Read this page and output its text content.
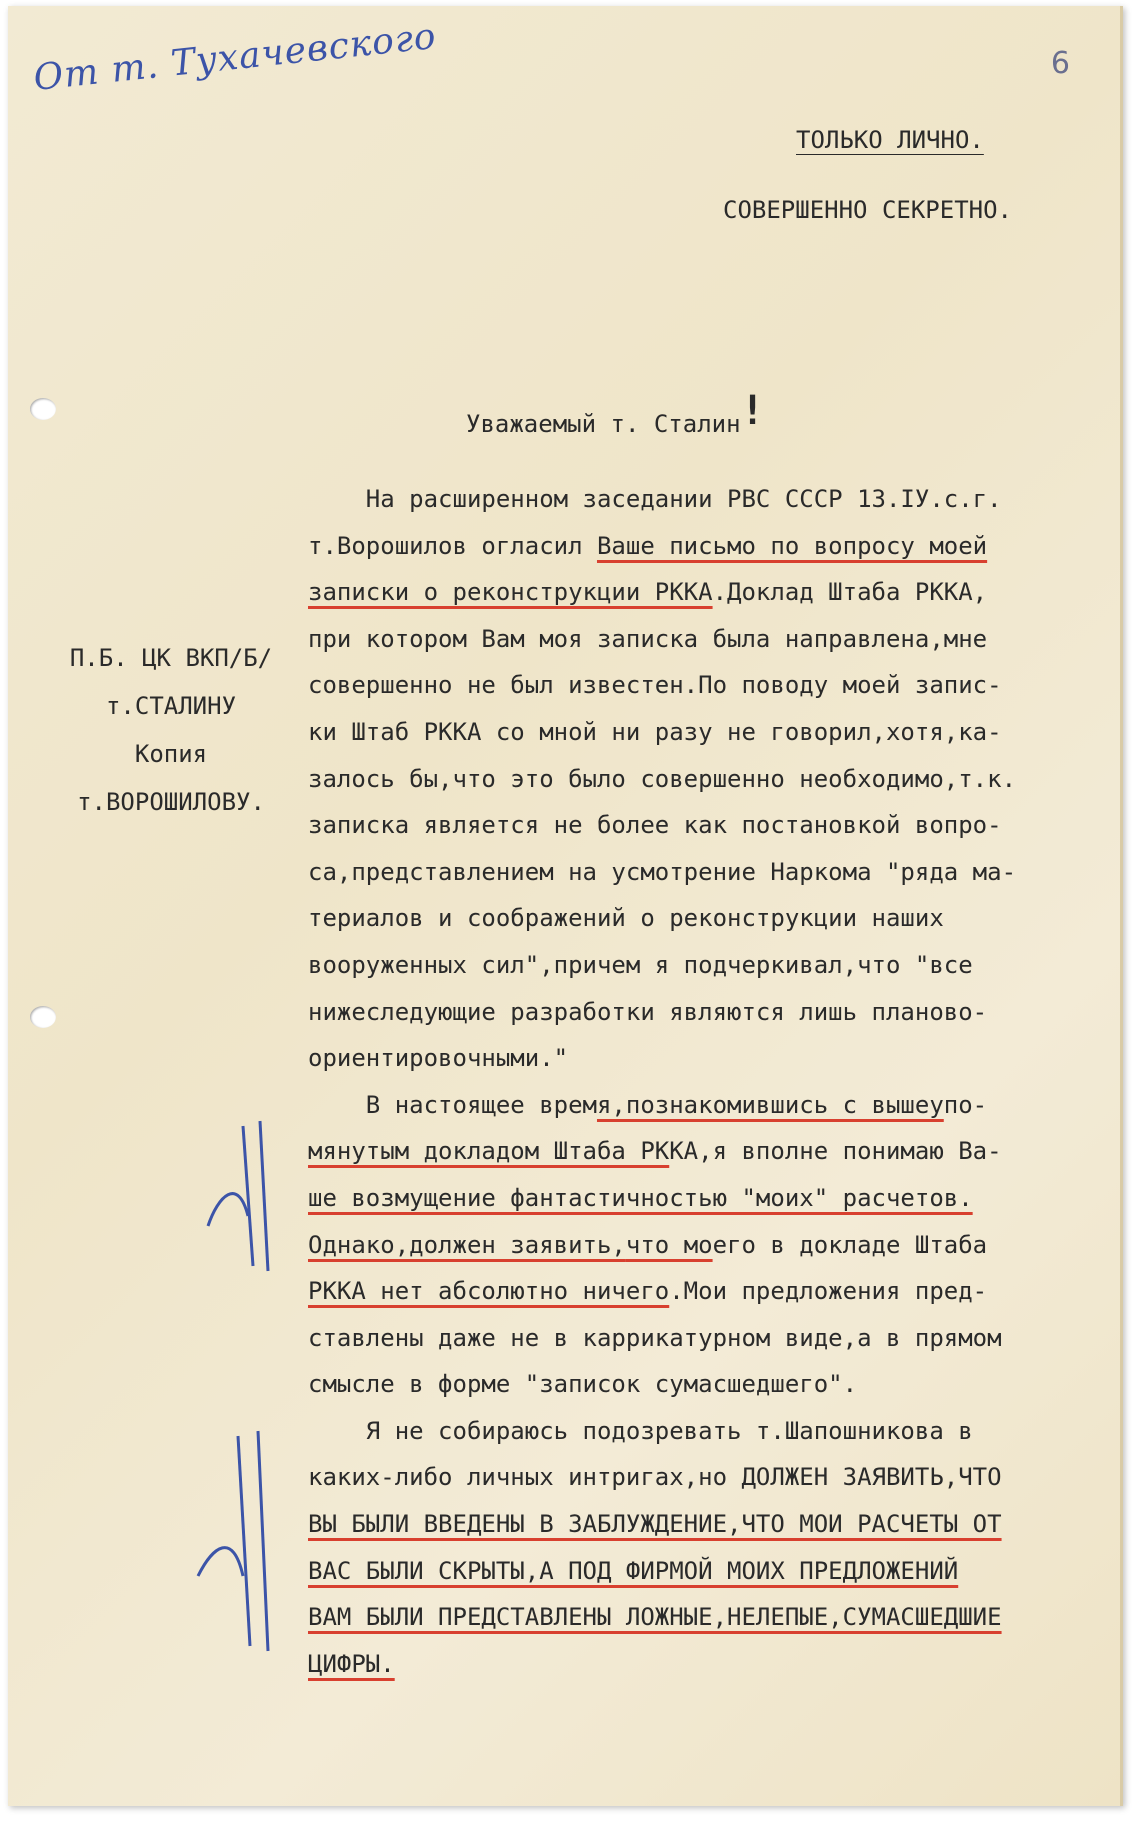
От т. Тухачевского	6
ТОЛЬКО ЛИЧНО.
СОВЕРШЕННО СЕКРЕТНО.
Уважаемый т. Сталин!
П.Б. ЦК ВКП/Б/
т.СТАЛИНУ
Копия
т.ВОРОШИЛОВУ.
На расширенном заседании РВС СССР 13.IУ.с.г.
т.Ворошилов огласил Ваше письмо по вопросу моей
записки о реконструкции РККА.Доклад Штаба РККА,
при котором Вам моя записка была направлена,мне
совершенно не был известен.По поводу моей запис-
ки Штаб РККА со мной ни разу не говорил,хотя,ка-
залось бы,что это было совершенно необходимо,т.к.
записка является не более как постановкой вопро-
са,представлением на усмотрение Наркома "ряда ма-
териалов и соображений о реконструкции наших
вооруженных сил",причем я подчеркивал,что "все
нижеследующие разработки являются лишь планово-
ориентировочными."
В настоящее время,познакомившись с вышеупо-
мянутым докладом Штаба РККА,я вполне понимаю Ва-
ше возмущение фантастичностью "моих" расчетов.
Однако,должен заявить,что моего в докладе Штаба
РККА нет абсолютно ничего.Мои предложения пред-
ставлены даже не в каррикатурном виде,а в прямом
смысле в форме "записок сумасшедшего".
Я не собираюсь подозревать т.Шапошникова в
каких-либо личных интригах,но ДОЛЖЕН ЗАЯВИТЬ,ЧТО
ВЫ БЫЛИ ВВЕДЕНЫ В ЗАБЛУЖДЕНИЕ,ЧТО МОИ РАСЧЕТЫ ОТ
ВАС БЫЛИ СКРЫТЫ,А ПОД ФИРМОЙ МОИХ ПРЕДЛОЖЕНИЙ
ВАМ БЫЛИ ПРЕДСТАВЛЕНЫ ЛОЖНЫЕ,НЕЛЕПЫЕ,СУМАСШЕДШИЕ
ЦИФРЫ.
